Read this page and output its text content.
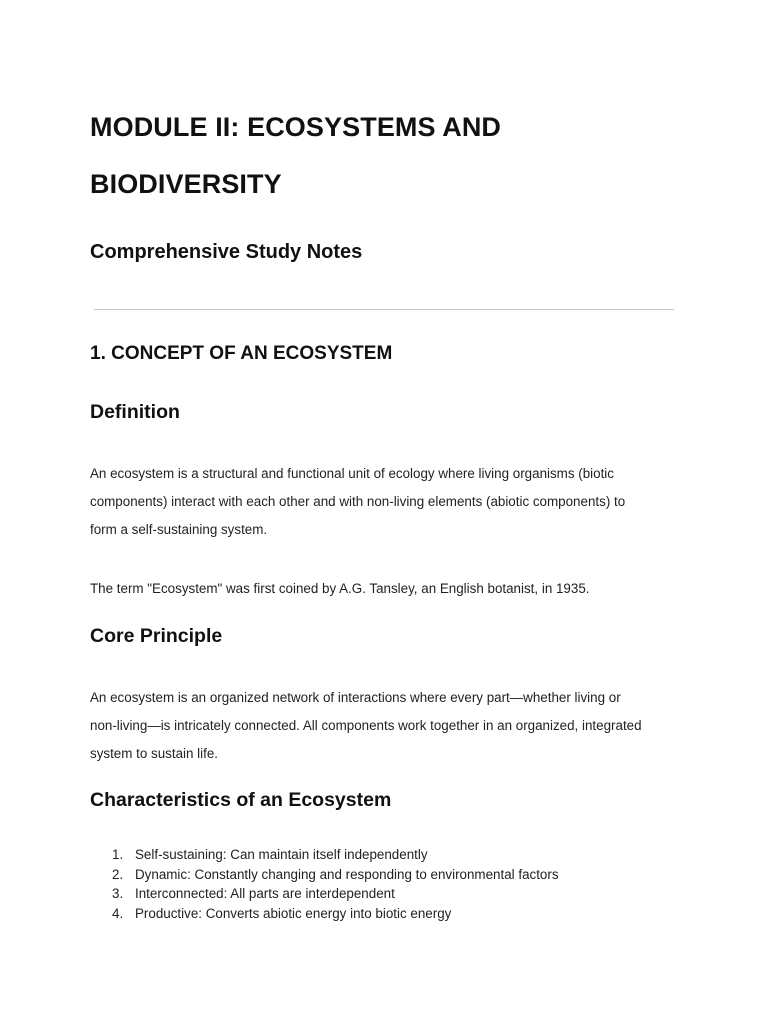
MODULE II: ECOSYSTEMS AND
BIODIVERSITY
Comprehensive Study Notes
1. CONCEPT OF AN ECOSYSTEM
Definition

An ecosystem is a structural and functional unit of ecology where living organisms (biotic

components) interact with each other and with non-living elements (abiotic components) to

form a self-sustaining system.

The term "Ecosystem" was first coined by A.G. Tansley, an English botanist, in 1935.

Core Principle

An ecosystem is an organized network of interactions where every part—whether living or

non-living—is intricately connected. All components work together in an organized, integrated

system to sustain life.

Characteristics of an Ecosystem
1. Self-sustaining: Can maintain itself independently
2. Dynamic: Constantly changing and responding to environmental factors
3. Interconnected: All parts are interdependent
4. Productive: Converts abiotic energy into biotic energy
